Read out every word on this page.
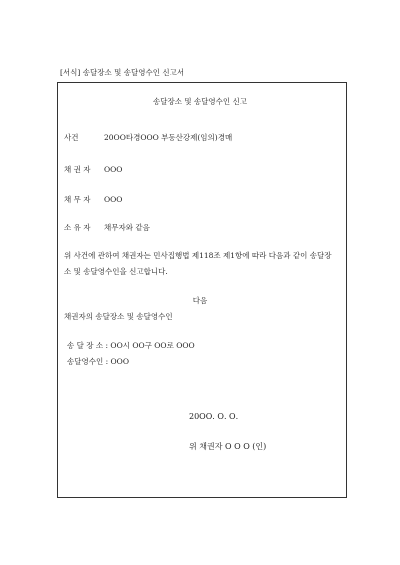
[서식] 송달장소 및 송달영수인 신고서
송달장소 및 송달영수인 신고
사건	20ОО타경ООО 부동산강제(임의)경매
채 권 자 ООО
채 무 자 ООО
소 유 자 채무자와 같음
위 사건에 관하여 채권자는 민사집행법 제118조 제1항에 따라 다음과 같이 송달장
소 및 송달영수인을 신고합니다.
다음
채권자의 송달장소 및 송달영수인
송 달 장 소 : ОО시 ОО구 ОО로 ООО
송달영수인 : ООО
20ОО. О. О.
위 채권자 О О О (인)
